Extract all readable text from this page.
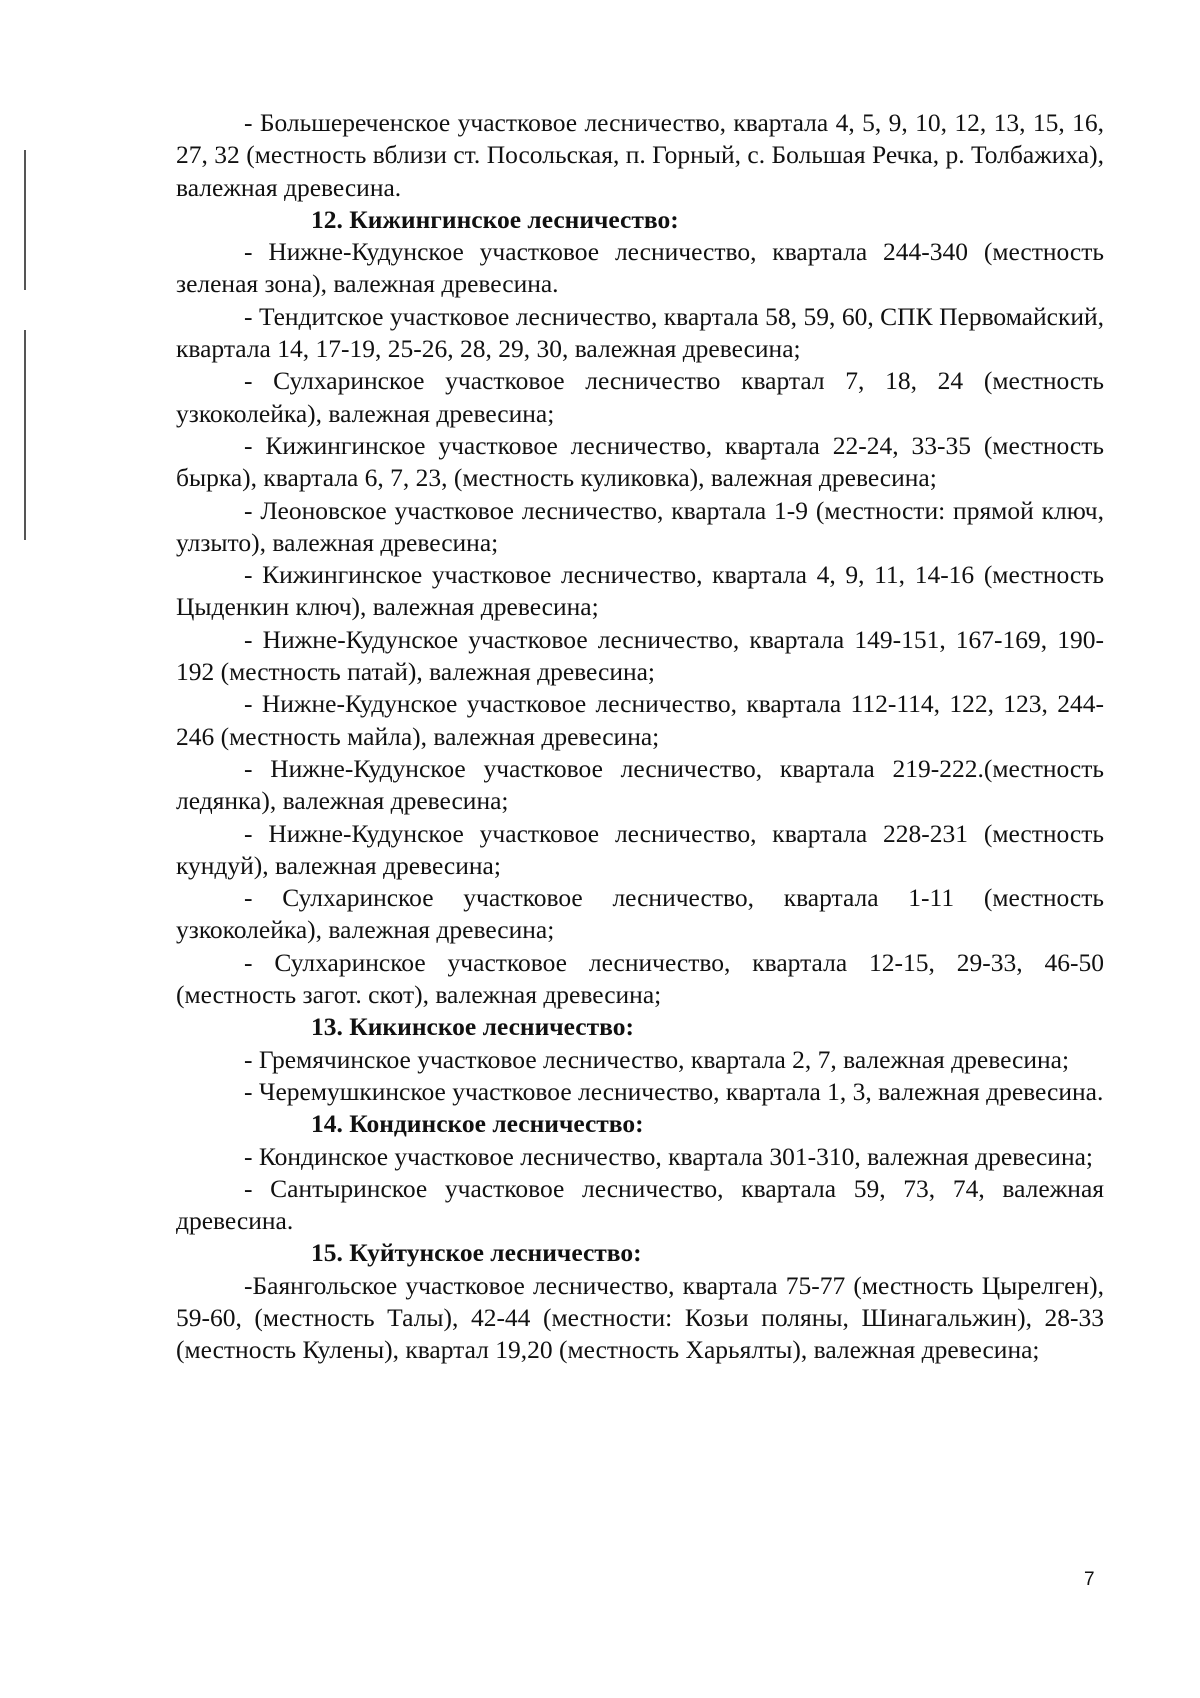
- Большереченское участковое лесничество, квартала 4, 5, 9, 10, 12, 13, 15, 16, 27, 32 (местность вблизи ст. Посольская, п. Горный, с. Большая Речка, р. Толбажиха), валежная древесина.

12. Кижингинское лесничество:

- Нижне-Кудунское участковое лесничество, квартала 244-340 (местность зеленая зона), валежная древесина.

- Тендитское участковое лесничество, квартала 58, 59, 60, СПК Первомайский, квартала 14, 17-19, 25-26, 28, 29, 30, валежная древесина;

- Сулхаринское участковое лесничество квартал 7, 18, 24 (местность узкоколейка), валежная древесина;

- Кижингинское участковое лесничество, квартала 22-24, 33-35 (местность бырка), квартала 6, 7, 23, (местность куликовка), валежная древесина;

- Леоновское участковое лесничество, квартала 1-9 (местности: прямой ключ, улзыто), валежная древесина;

- Кижингинское участковое лесничество, квартала 4, 9, 11, 14-16 (местность Цыденкин ключ), валежная древесина;

- Нижне-Кудунское участковое лесничество, квартала 149-151, 167-169, 190-192 (местность патай), валежная древесина;

- Нижне-Кудунское участковое лесничество, квартала 112-114, 122, 123, 244-246 (местность майла), валежная древесина;

- Нижне-Кудунское участковое лесничество, квартала 219-222.(местность ледянка), валежная древесина;

- Нижне-Кудунское участковое лесничество, квартала 228-231 (местность кундуй), валежная древесина;

- Сулхаринское участковое лесничество, квартала 1-11 (местность узкоколейка), валежная древесина;

- Сулхаринское участковое лесничество, квартала 12-15, 29-33, 46-50 (местность загот. скот), валежная древесина;

13. Кикинское лесничество:

- Гремячинское участковое лесничество, квартала 2, 7, валежная древесина;

- Черемушкинское участковое лесничество, квартала 1, 3, валежная древесина.

14. Кондинское лесничество:

- Кондинское участковое лесничество, квартала 301-310, валежная древесина;

- Сантыринское участковое лесничество, квартала 59, 73, 74, валежная древесина.

15. Куйтунское лесничество:

-Баянгольское участковое лесничество, квартала 75-77 (местность Цырелген), 59-60, (местность Талы), 42-44 (местности: Козьи поляны, Шинагальжин), 28-33 (местность Кулены), квартал 19,20 (местность Харьялты), валежная древесина;

7
